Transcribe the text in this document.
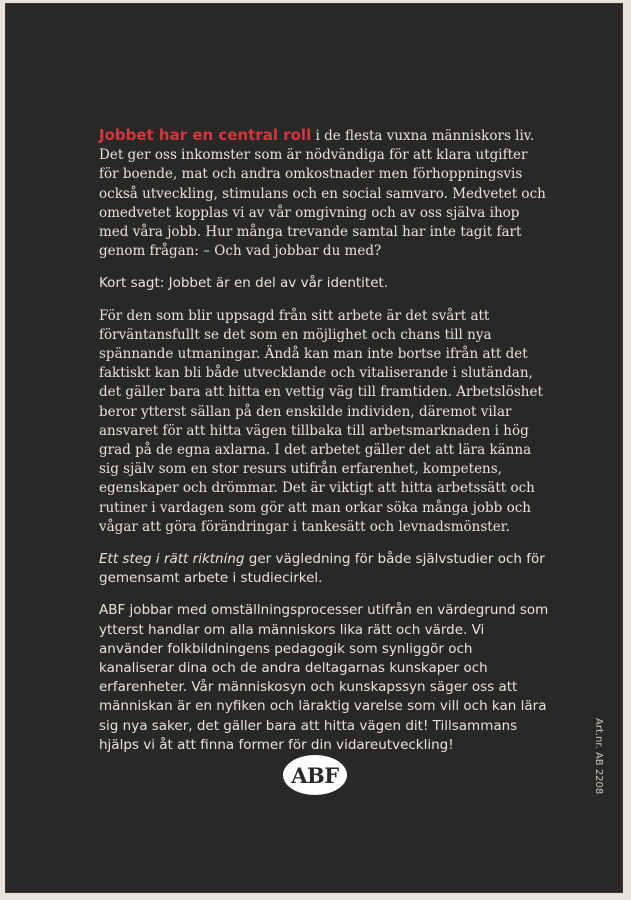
Jobbet har en central roll i de flesta vuxna människors liv. Det ger oss inkomster som är nödvändiga för att klara utgifter för boende, mat och andra omkostnader men förhoppningsvis också utveckling, stimulans och en social samvaro. Medvetet och omedvetet kopplas vi av vår omgivning och av oss själva ihop med våra jobb. Hur många trevande samtal har inte tagit fart genom frågan: – Och vad jobbar du med?

Kort sagt: Jobbet är en del av vår identitet.

För den som blir uppsagd från sitt arbete är det svårt att förväntansfullt se det som en möjlighet och chans till nya spännande utmaningar. Ändå kan man inte bortse ifrån att det faktiskt kan bli både utvecklande och vitaliserande i slutändan, det gäller bara att hitta en vettig väg till framtiden. Arbetslöshet beror ytterst sällan på den enskilde individen, däremot vilar ansvaret för att hitta vägen tillbaka till arbetsmarknaden i hög grad på de egna axlarna. I det arbetet gäller det att lära känna sig själv som en stor resurs utifrån erfarenhet, kompetens, egenskaper och drömmar. Det är viktigt att hitta arbetssätt och rutiner i vardagen som gör att man orkar söka många jobb och vågar att göra förändringar i tankesätt och levnadsmönster.

Ett steg i rätt riktning ger vägledning för både självstudier och för gemensamt arbete i studiecirkel.

ABF jobbar med omställningsprocesser utifrån en värdegrund som ytterst handlar om alla människors lika rätt och värde. Vi använder folkbildningens pedagogik som synliggör och kanaliserar dina och de andra deltagarnas kunskaper och erfarenheter. Vår människosyn och kunskapssyn säger oss att människan är en nyfiken och läraktig varelse som vill och kan lära sig nya saker, det gäller bara att hitta vägen dit! Tillsammans hjälps vi åt att finna former för din vidareutveckling!

ABF	Art.nr. AB 2208
